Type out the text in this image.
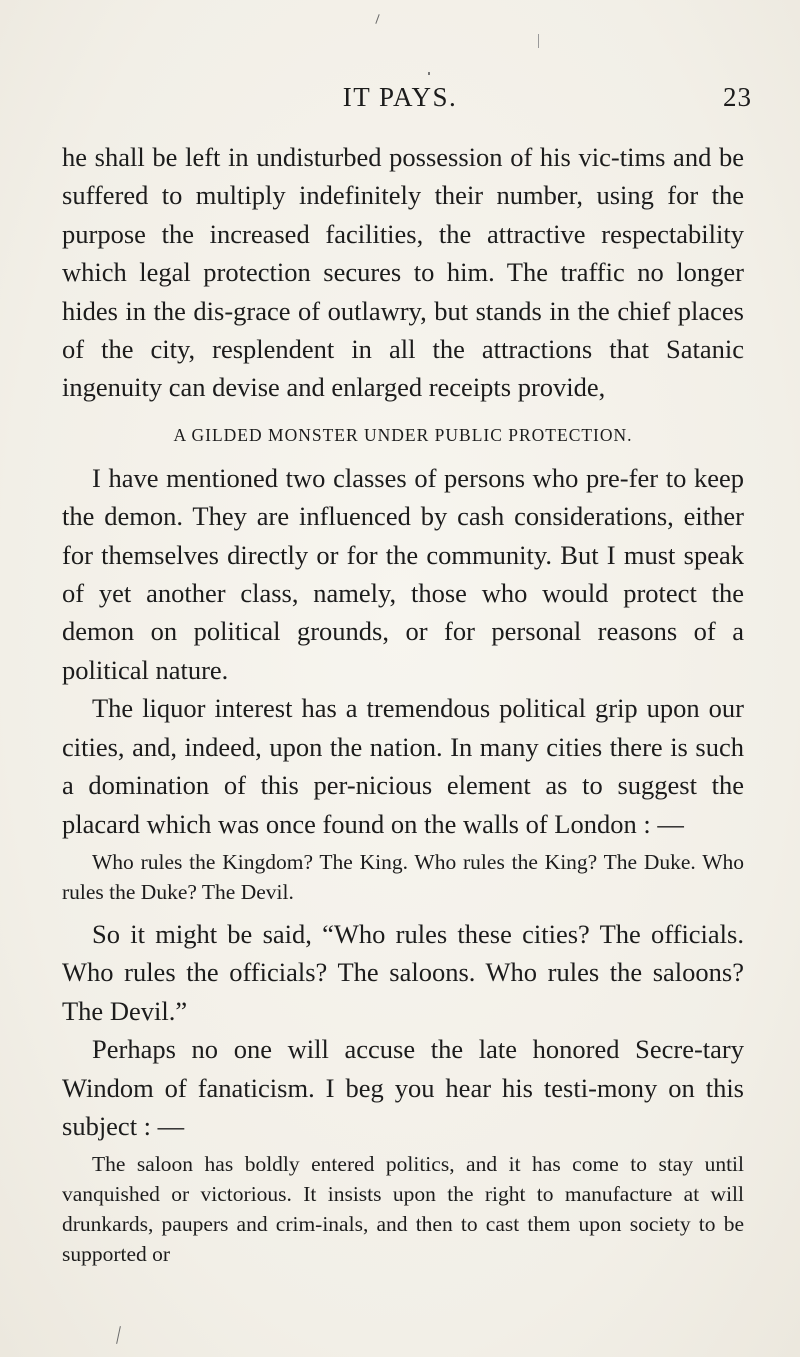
IT PAYS.	23

he shall be left in undisturbed possession of his vic-tims and be suffered to multiply indefinitely their number, using for the purpose the increased facilities, the attractive respectability which legal protection secures to him. The traffic no longer hides in the dis-grace of outlawry, but stands in the chief places of the city, resplendent in all the attractions that Satanic ingenuity can devise and enlarged receipts provide,

A GILDED MONSTER UNDER PUBLIC PROTECTION.

I have mentioned two classes of persons who pre-fer to keep the demon. They are influenced by cash considerations, either for themselves directly or for the community. But I must speak of yet another class, namely, those who would protect the demon on political grounds, or for personal reasons of a political nature.

The liquor interest has a tremendous political grip upon our cities, and, indeed, upon the nation. In many cities there is such a domination of this per-nicious element as to suggest the placard which was once found on the walls of London : —

Who rules the Kingdom? The King. Who rules the King? The Duke. Who rules the Duke? The Devil.

So it might be said, “Who rules these cities? The officials. Who rules the officials? The saloons. Who rules the saloons? The Devil.”

Perhaps no one will accuse the late honored Secre-tary Windom of fanaticism. I beg you hear his testi-mony on this subject : —

The saloon has boldly entered politics, and it has come to stay until vanquished or victorious. It insists upon the right to manufacture at will drunkards, paupers and crim-inals, and then to cast them upon society to be supported or
